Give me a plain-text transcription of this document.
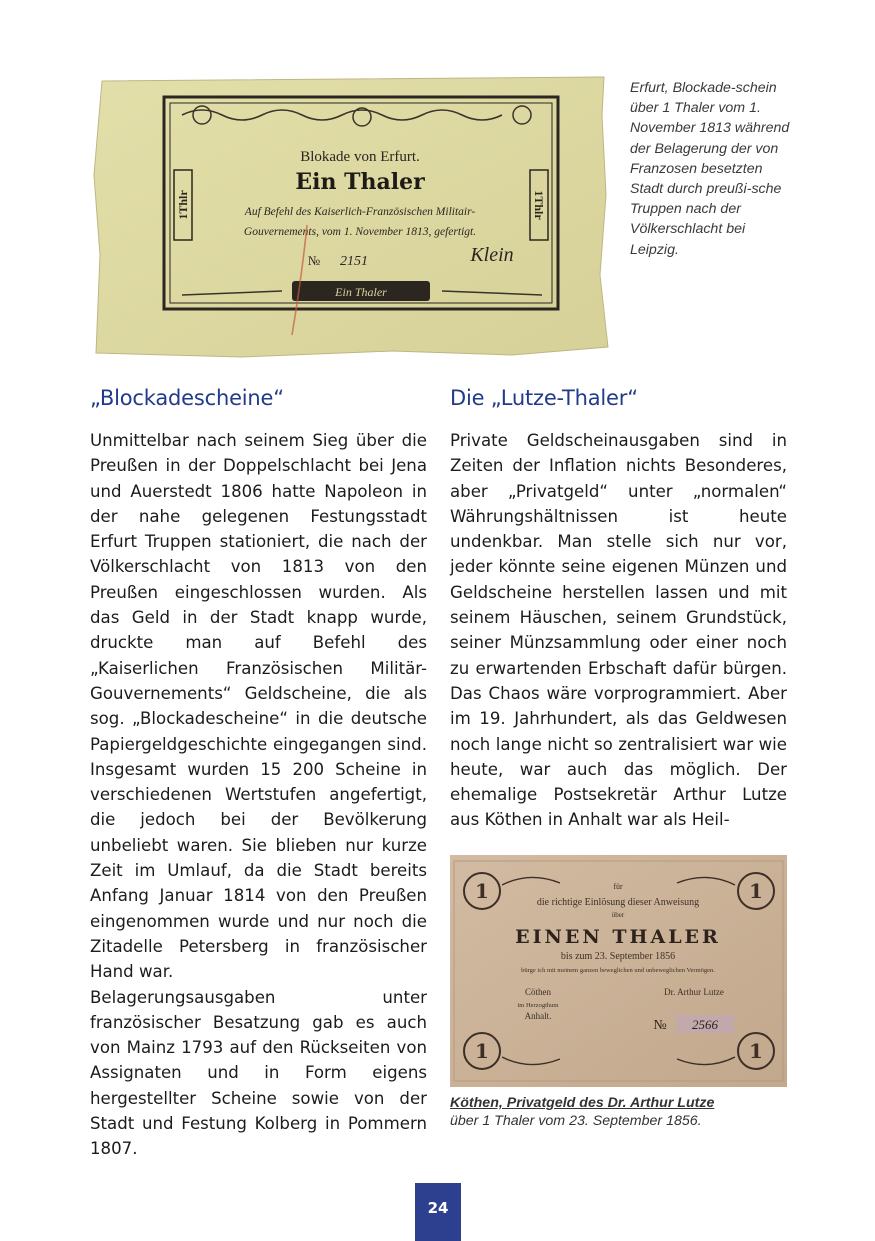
1Thlr	1Thlr
Blokade von Erfurt.
Ein Thaler
Auf Befehl des Kaiserlich-Französischen Militair-
Gouvernements, vom 1. November 1813, gefertigt.
№ 2151	Klein
Ein Thaler
Erfurt, Blockade-schein über 1 Thaler vom 1. November 1813 während der Belagerung der von Franzosen besetzten Stadt durch preußi-sche Truppen nach der Völkerschlacht bei Leipzig.
„Blockadescheine“	Die „Lutze-Thaler“

Unmittelbar nach seinem Sieg über die Preußen in der Doppelschlacht bei Jena und Auerstedt 1806 hatte Napoleon in der nahe gelegenen Festungsstadt Erfurt Truppen stationiert, die nach der Völkerschlacht von 1813 von den Preußen eingeschlossen wurden. Als das Geld in der Stadt knapp wurde, druckte man auf Befehl des „Kaiserlichen Französischen Militär-Gouvernements“ Geldscheine, die als sog. „Blockadescheine“ in die deutsche Papiergeldgeschichte eingegangen sind. Insgesamt wurden 15 200 Scheine in verschiedenen Wertstufen angefertigt, die jedoch bei der Bevölkerung unbeliebt waren. Sie blieben nur kurze Zeit im Umlauf, da die Stadt bereits Anfang Januar 1814 von den Preußen eingenommen wurde und nur noch die Zitadelle Petersberg in französischer Hand war.

Belagerungsausgaben unter französischer Besatzung gab es auch von Mainz 1793 auf den Rückseiten von Assignaten und in Form eigens hergestellter Scheine sowie von der Stadt und Festung Kolberg in Pommern 1807.

Private Geldscheinausgaben sind in Zeiten der Inflation nichts Besonderes, aber „Privatgeld“ unter „normalen“ Währungshältnissen ist heute undenkbar. Man stelle sich nur vor, jeder könnte seine eigenen Münzen und Geldscheine herstellen lassen und mit seinem Häuschen, seinem Grundstück, seiner Münzsammlung oder einer noch zu erwartenden Erbschaft dafür bürgen. Das Chaos wäre vorprogrammiert. Aber im 19. Jahrhundert, als das Geldwesen noch lange nicht so zentralisiert war wie heute, war auch das möglich. Der ehemalige Postsekretär Arthur Lutze aus Köthen in Anhalt war als Heil-

1	1
1	1
für
die richtige Einlösung dieser Anweisung
über
EINEN THALER
bis zum 23. September 1856
bürge ich mit meinem ganzen beweglichen und unbeweglichen Vermögen.
Cöthen
im Herzogthum
Anhalt.
Dr. Arthur Lutze
№ 2566
Köthen, Privatgeld des Dr. Arthur Lutze
über 1 Thaler vom 23. September 1856.
24
